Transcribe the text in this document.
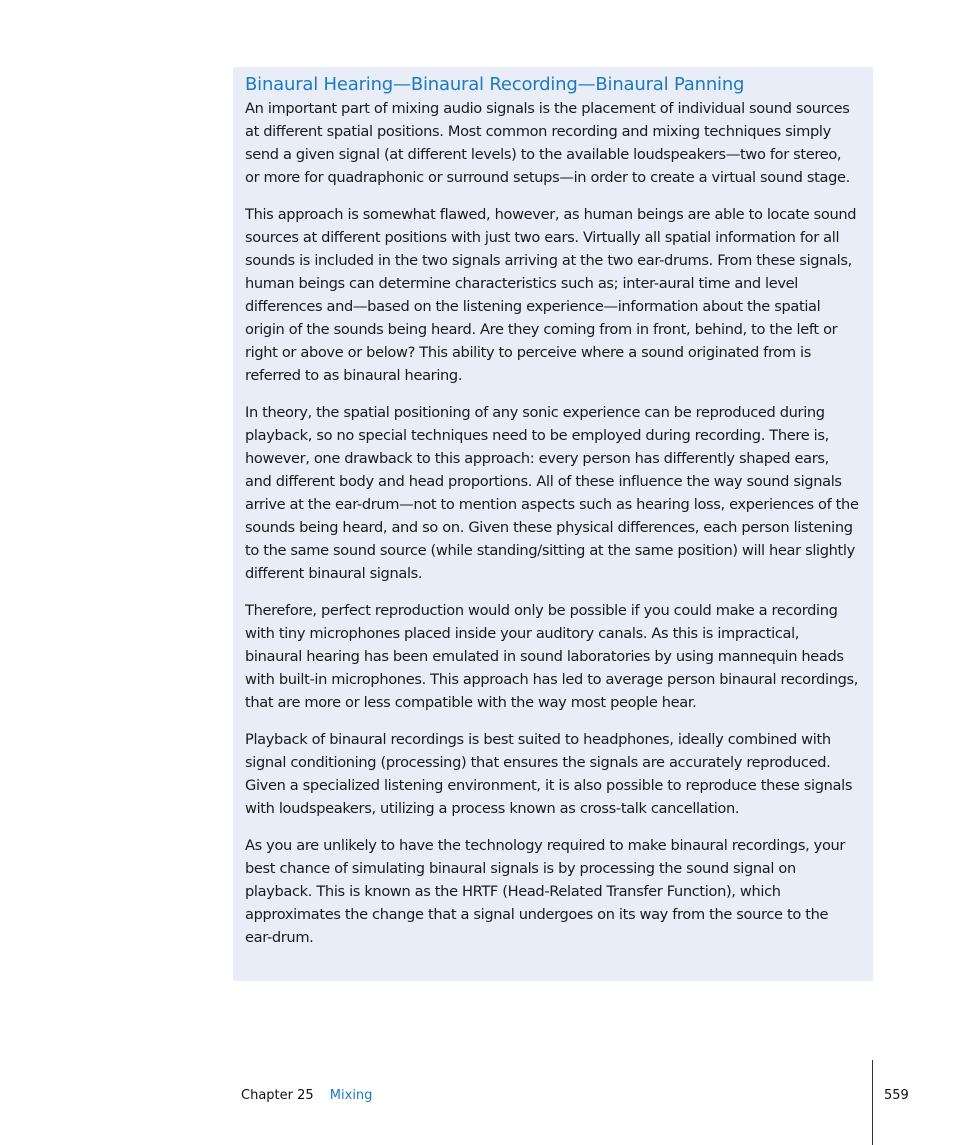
Binaural Hearing—Binaural Recording—Binaural Panning

An important part of mixing audio signals is the placement of individual sound sources at different spatial positions. Most common recording and mixing techniques simply send a given signal (at different levels) to the available loudspeakers—two for stereo, or more for quadraphonic or surround setups—in order to create a virtual sound stage.

This approach is somewhat flawed, however, as human beings are able to locate sound sources at different positions with just two ears. Virtually all spatial information for all sounds is included in the two signals arriving at the two ear-drums. From these signals, human beings can determine characteristics such as; inter-aural time and level differences and—based on the listening experience—information about the spatial origin of the sounds being heard. Are they coming from in front, behind, to the left or right or above or below? This ability to perceive where a sound originated from is referred to as binaural hearing.

In theory, the spatial positioning of any sonic experience can be reproduced during playback, so no special techniques need to be employed during recording. There is, however, one drawback to this approach: every person has differently shaped ears, and different body and head proportions. All of these influence the way sound signals arrive at the ear-drum—not to mention aspects such as hearing loss, experiences of the sounds being heard, and so on. Given these physical differences, each person listening to the same sound source (while standing/sitting at the same position) will hear slightly different binaural signals.

Therefore, perfect reproduction would only be possible if you could make a recording with tiny microphones placed inside your auditory canals. As this is impractical, binaural hearing has been emulated in sound laboratories by using mannequin heads with built-in microphones. This approach has led to average person binaural recordings, that are more or less compatible with the way most people hear.

Playback of binaural recordings is best suited to headphones, ideally combined with signal conditioning (processing) that ensures the signals are accurately reproduced. Given a specialized listening environment, it is also possible to reproduce these signals with loudspeakers, utilizing a process known as cross-talk cancellation.

As you are unlikely to have the technology required to make binaural recordings, your best chance of simulating binaural signals is by processing the sound signal on playback. This is known as the HRTF (Head-Related Transfer Function), which approximates the change that a signal undergoes on its way from the source to the ear-drum.

Chapter 25 Mixing	559
